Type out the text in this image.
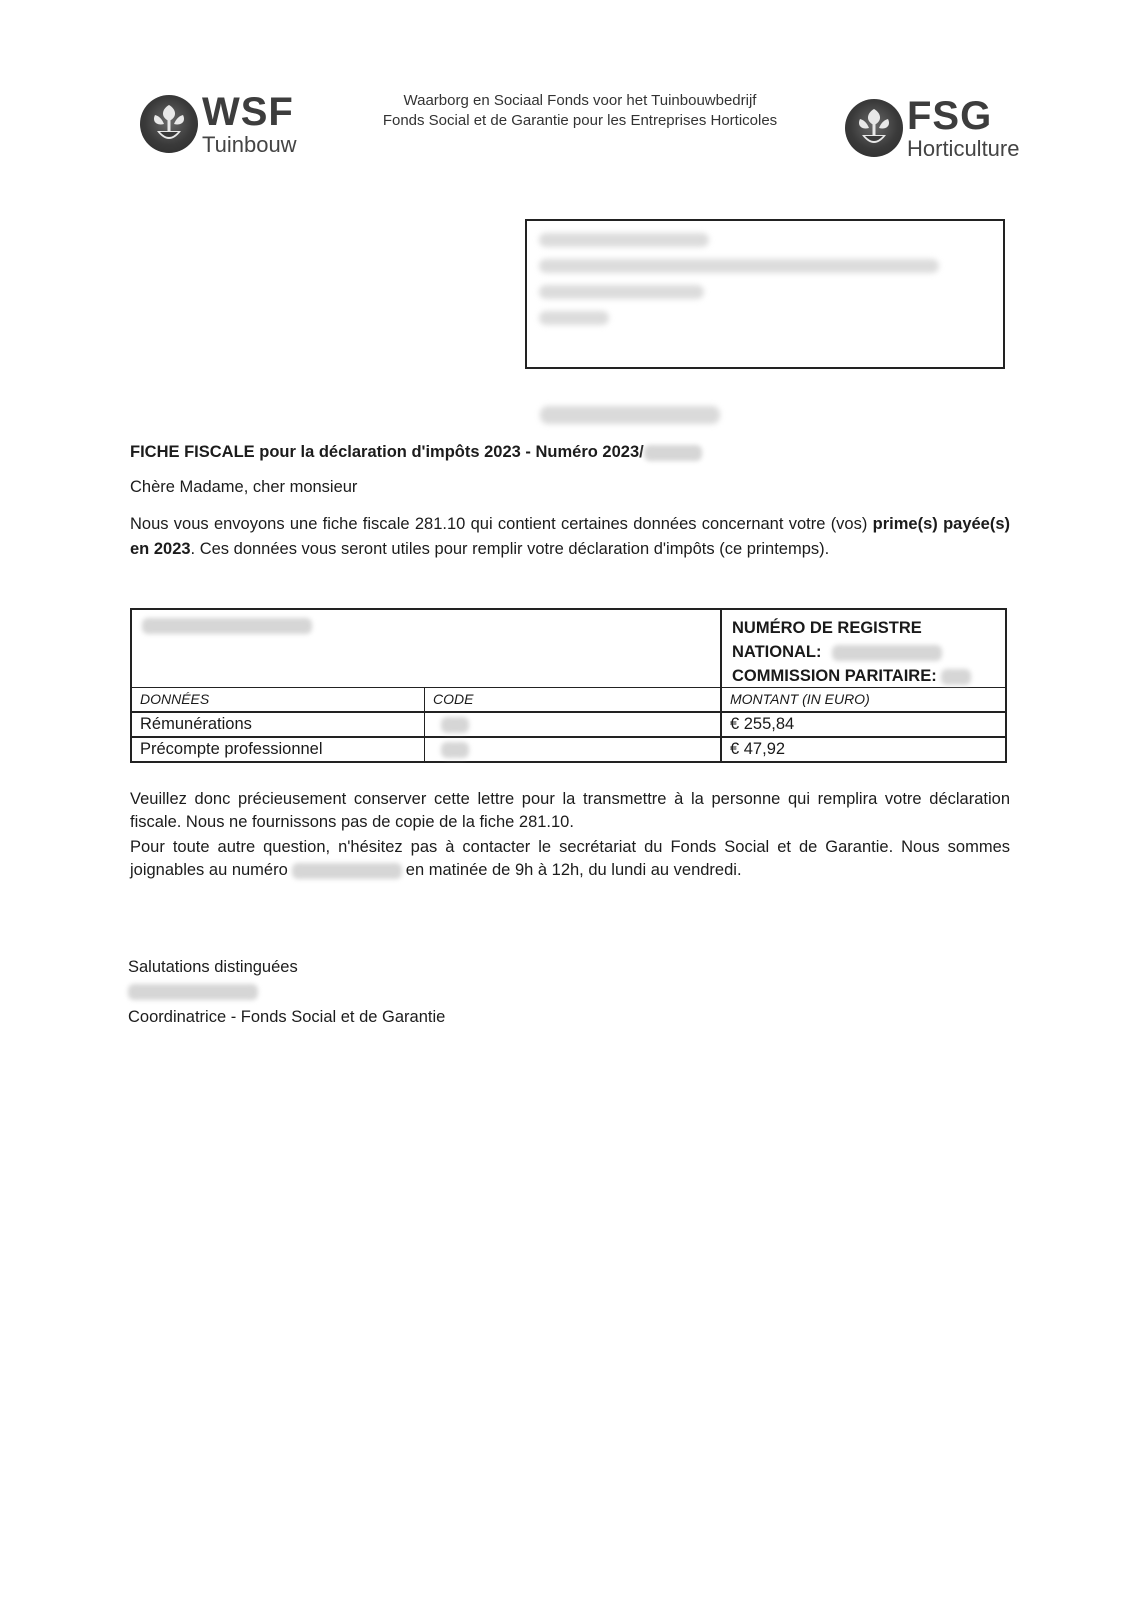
WSF
Tuinbouw
Waarborg en Sociaal Fonds voor het Tuinbouwbedrijf
Fonds Social et de Garantie pour les Entreprises Horticoles	FSG
Horticulture
FICHE FISCALE pour la déclaration d'impôts 2023 - Numéro 2023/
Chère Madame, cher monsieur
Nous vous envoyons une fiche fiscale 281.10 qui contient certaines données concernant votre (vos) prime(s) payée(s) en 2023. Ces données vous seront utiles pour remplir votre déclaration d'impôts (ce printemps).
NUMÉRO DE REGISTRE
NATIONAL:
COMMISSION PARITAIRE:
DONNÉES	CODE	MONTANT (IN EURO)
Rémunérations	€ 255,84
Précompte professionnel	€ 47,92
Veuillez donc précieusement conserver cette lettre pour la transmettre à la personne qui remplira votre déclaration fiscale. Nous ne fournissons pas de copie de la fiche 281.10.
Pour toute autre question, n'hésitez pas à contacter le secrétariat du Fonds Social et de Garantie. Nous sommes joignables au numéro	en matinée de 9h à 12h, du lundi au vendredi.
Salutations distinguées
Coordinatrice - Fonds Social et de Garantie
